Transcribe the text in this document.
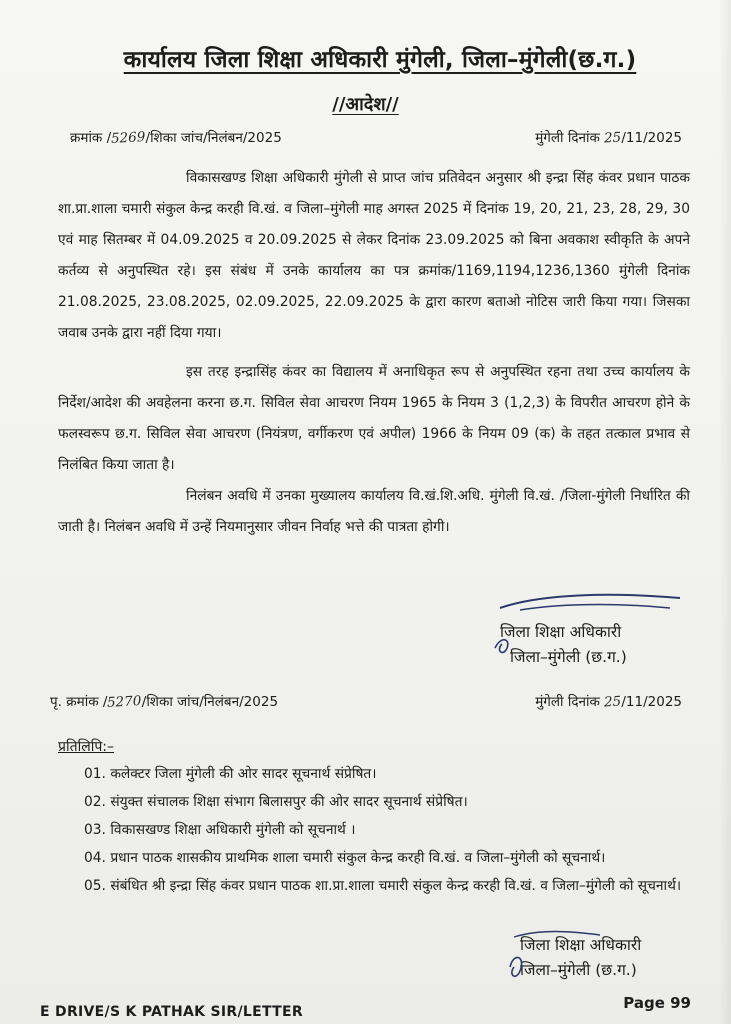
कार्यालय जिला शिक्षा अधिकारी मुंगेली, जिला–मुंगेली(छ.ग.)
//आदेश//
क्रमांक /5269/शिका जांच/निलंबन/2025	मुंगेली दिनांक 25/11/2025

विकासखण्ड शिक्षा अधिकारी मुंगेली से प्राप्त जांच प्रतिवेदन अनुसार श्री इन्द्रा सिंह कंवर प्रधान पाठक शा.प्रा.शाला चमारी संकुल केन्द्र करही वि.खं. व जिला–मुंगेली माह अगस्त 2025 में दिनांक 19, 20, 21, 23, 28, 29, 30 एवं माह सितम्बर में 04.09.2025 व 20.09.2025 से लेकर दिनांक 23.09.2025 को बिना अवकाश स्वीकृति के अपने कर्तव्य से अनुपस्थित रहे। इस संबंध में उनके कार्यालय का पत्र क्रमांक/1169,1194,1236,1360 मुंगेली दिनांक 21.08.2025, 23.08.2025, 02.09.2025, 22.09.2025 के द्वारा कारण बताओ नोटिस जारी किया गया। जिसका जवाब उनके द्वारा नहीं दिया गया।

इस तरह इन्द्रासिंह कंवर का विद्यालय में अनाधिकृत रूप से अनुपस्थित रहना तथा उच्च कार्यालय के निर्देश/आदेश की अवहेलना करना छ.ग. सिविल सेवा आचरण नियम 1965 के नियम 3 (1,2,3) के विपरीत आचरण होने के फलस्वरूप छ.ग. सिविल सेवा आचरण (नियंत्रण, वर्गीकरण एवं अपील) 1966 के नियम 09 (क) के तहत तत्काल प्रभाव से निलंबित किया जाता है।

निलंबन अवधि में उनका मुख्यालय कार्यालय वि.खं.शि.अधि. मुंगेली वि.खं. /जिला-मुंगेली निर्धारित की जाती है। निलंबन अवधि में उन्हें नियमानुसार जीवन निर्वाह भत्ते की पात्रता होगी।

जिला शिक्षा अधिकारी
जिला–मुंगेली (छ.ग.)
पृ. क्रमांक /5270/शिका जांच/निलंबन/2025	मुंगेली दिनांक 25/11/2025
प्रतिलिपि:–
01. कलेक्टर जिला मुंगेली की ओर सादर सूचनार्थ संप्रेषित।
02. संयुक्त संचालक शिक्षा संभाग बिलासपुर की ओर सादर सूचनार्थ संप्रेषित।
03. विकासखण्ड शिक्षा अधिकारी मुंगेली को सूचनार्थ ।
04. प्रधान पाठक शासकीय प्राथमिक शाला चमारी संकुल केन्द्र करही वि.खं. व जिला–मुंगेली को सूचनार्थ।
05. संबंधित श्री इन्द्रा सिंह कंवर प्रधान पाठक शा.प्रा.शाला चमारी संकुल केन्द्र करही वि.खं. व जिला–मुंगेली को सूचनार्थ।
जिला शिक्षा अधिकारी
जिला–मुंगेली (छ.ग.)
E DRIVE/S K PATHAK SIR/LETTER	Page 99
